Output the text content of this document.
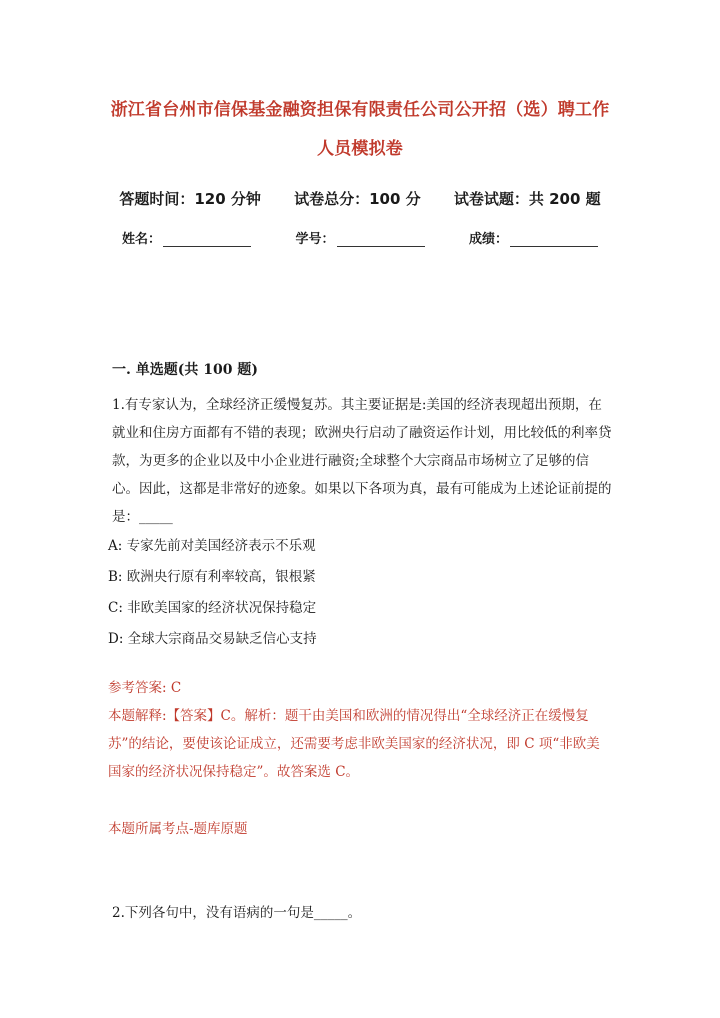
浙江省台州市信保基金融资担保有限责任公司公开招（选）聘工作
人员模拟卷
答题时间：120 分钟 试卷总分：100 分 试卷试题：共 200 题
姓名：	学号：	成绩：
一. 单选题(共 100 题)

1.有专家认为，全球经济正缓慢复苏。其主要证据是:美国的经济表现超出预期，在就业和住房方面都有不错的表现；欧洲央行启动了融资运作计划，用比较低的利率贷款，为更多的企业以及中小企业进行融资;全球整个大宗商品市场树立了足够的信心。因此，这都是非常好的迹象。如果以下各项为真，最有可能成为上述论证前提的是：_____

A: 专家先前对美国经济表示不乐观
B: 欧洲央行原有利率较高，银根紧
C: 非欧美国家的经济状况保持稳定
D: 全球大宗商品交易缺乏信心支持

参考答案: C

本题解释:【答案】C。解析：题干由美国和欧洲的情况得出“全球经济正在缓慢复苏”的结论，要使该论证成立，还需要考虑非欧美国家的经济状况，即 C 项“非欧美国家的经济状况保持稳定”。故答案选 C。

本题所属考点-题库原题

2.下列各句中，没有语病的一句是_____。
